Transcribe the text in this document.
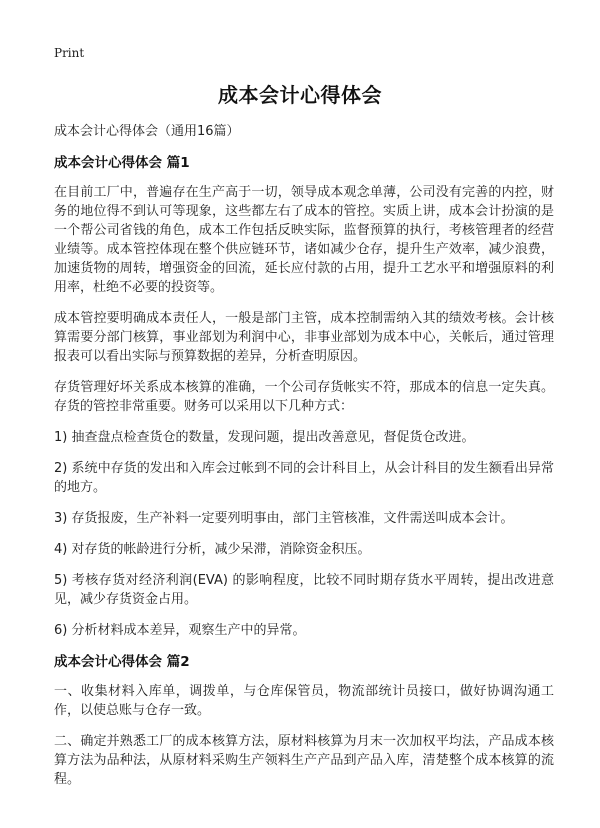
Print
成本会计心得体会

成本会计心得体会（通用16篇）

成本会计心得体会 篇1

在目前工厂中，普遍存在生产高于一切，领导成本观念单薄，公司没有完善的内控，财务的地位得不到认可等现象，这些都左右了成本的管控。实质上讲，成本会计扮演的是一个帮公司省钱的角色，成本工作包括反映实际，监督预算的执行，考核管理者的经营业绩等。成本管控体现在整个供应链环节，诸如减少仓存，提升生产效率，减少浪费，加速货物的周转，增强资金的回流，延长应付款的占用，提升工艺水平和增强原料的利用率，杜绝不必要的投资等。

成本管控要明确成本责任人，一般是部门主管，成本控制需纳入其的绩效考核。会计核算需要分部门核算，事业部划为利润中心，非事业部划为成本中心，关帐后，通过管理报表可以看出实际与预算数据的差异，分析查明原因。

存货管理好坏关系成本核算的准确，一个公司存货帐实不符，那成本的信息一定失真。存货的管控非常重要。财务可以采用以下几种方式：

1) 抽查盘点检查货仓的数量，发现问题，提出改善意见，督促货仓改进。

2) 系统中存货的发出和入库会过帐到不同的会计科目上，从会计科目的发生额看出异常的地方。

3) 存货报废，生产补料一定要列明事由，部门主管核准，文件需送叫成本会计。

4) 对存货的帐龄进行分析，减少呆滞，消除资金积压。

5) 考核存货对经济利润(EVA) 的影响程度，比较不同时期存货水平周转，提出改进意见，减少存货资金占用。

6) 分析材料成本差异，观察生产中的异常。

成本会计心得体会 篇2

一、收集材料入库单，调拨单，与仓库保管员，物流部统计员接口，做好协调沟通工作，以使总账与仓存一致。

二、确定并熟悉工厂的成本核算方法，原材料核算为月末一次加权平均法，产品成本核算方法为品种法，从原材料采购生产领料生产产品到产品入库，清楚整个成本核算的流程。
